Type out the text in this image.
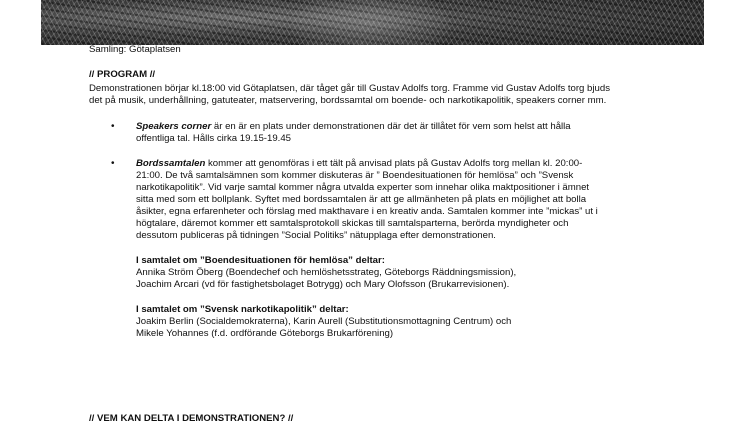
Samling: Götaplatsen

// PROGRAM //

Demonstrationen börjar kl.18:00 vid Götaplatsen, där tåget går till Gustav Adolfs torg. Framme vid Gustav Adolfs torg bjuds

det på musik, underhållning, gatuteater, matservering, bordssamtal om boende- och narkotikapolitik, speakers corner mm.

• Speakers corner är en är en plats under demonstrationen där det är tillåtet för vem som helst att hålla

offentliga tal. Hålls cirka 19.15-19.45

• Bordssamtalen kommer att genomföras i ett tält på anvisad plats på Gustav Adolfs torg mellan kl. 20:00-

21:00. De två samtalsämnen som kommer diskuteras är ” Boendesituationen för hemlösa” och ”Svensk

narkotikapolitik”. Vid varje samtal kommer några utvalda experter som innehar olika maktpositioner i ämnet

sitta med som ett bollplank. Syftet med bordssamtalen är att ge allmänheten på plats en möjlighet att bolla

åsikter, egna erfarenheter och förslag med makthavare i en kreativ anda. Samtalen kommer inte ”mickas” ut i

högtalare, däremot kommer ett samtalsprotokoll skickas till samtalsparterna, berörda myndigheter och

dessutom publiceras på tidningen ”Social Politiks” nätupplaga efter demonstrationen.

I samtalet om ”Boendesituationen för hemlösa” deltar:

Annika Ström Öberg (Boendechef och hemlöshetsstrateg, Göteborgs Räddningsmission),

Joachim Arcari (vd för fastighetsbolaget Botrygg) och Mary Olofsson (Brukarrevisionen).

I samtalet om ”Svensk narkotikapolitik” deltar:

Joakim Berlin (Socialdemokraterna), Karin Aurell (Substitutionsmottagning Centrum) och

Mikele Yohannes (f.d. ordförande Göteborgs Brukarförening)

// VEM KAN DELTA I DEMONSTRATIONEN? //
